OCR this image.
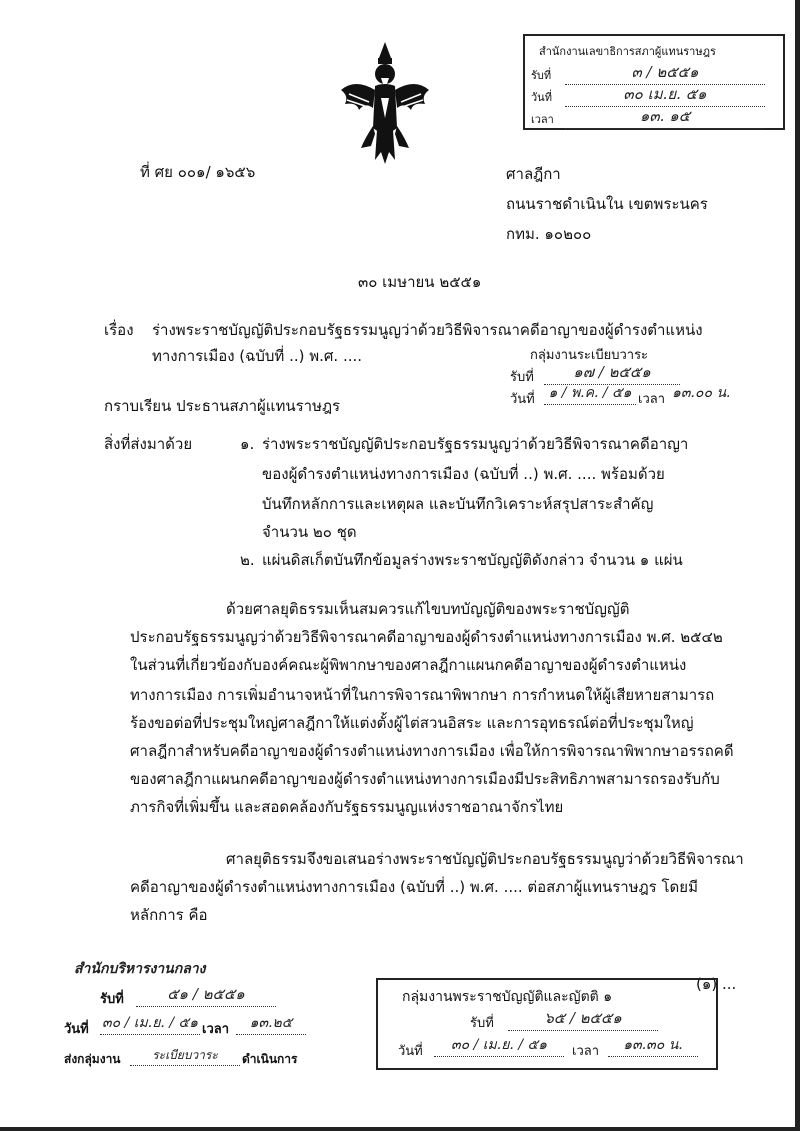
สำนักงานเลขาธิการสภาผู้แทนราษฎร
รับที่	๓ / ๒๕๕๑
วันที่	๓๐ เม.ย. ๕๑
เวลา	๑๓. ๑๕
ที่ ศย ๐๐๑/ ๑๖๕๖	ศาลฎีกา
ถนนราชดำเนินใน เขตพระนคร
กทม. ๑๐๒๐๐
๓๐ เมษายน ๒๕๕๑
เรื่อง ร่างพระราชบัญญัติประกอบรัฐธรรมนูญว่าด้วยวิธีพิจารณาคดีอาญาของผู้ดำรงตำแหน่ง
ทางการเมือง (ฉบับที่ ..) พ.ศ. ....	กลุ่มงานระเบียบวาระ
รับที่	๑๗ / ๒๕๕๑
วันที่ ๑ / พ.ค. / ๕๑ เวลา ๑๓.๐๐ น.
กราบเรียน ประธานสภาผู้แทนราษฎร
สิ่งที่ส่งมาด้วย	๑. ร่างพระราชบัญญัติประกอบรัฐธรรมนูญว่าด้วยวิธีพิจารณาคดีอาญา
ของผู้ดำรงตำแหน่งทางการเมือง (ฉบับที่ ..) พ.ศ. .... พร้อมด้วย
บันทึกหลักการและเหตุผล และบันทึกวิเคราะห์สรุปสาระสำคัญ
จำนวน ๒๐ ชุด
๒. แผ่นดิสเก็ตบันทึกข้อมูลร่างพระราชบัญญัติดังกล่าว จำนวน ๑ แผ่น
ด้วยศาลยุติธรรมเห็นสมควรแก้ไขบทบัญญัติของพระราชบัญญัติ
ประกอบรัฐธรรมนูญว่าด้วยวิธีพิจารณาคดีอาญาของผู้ดำรงตำแหน่งทางการเมือง พ.ศ. ๒๕๔๒
ในส่วนที่เกี่ยวข้องกับองค์คณะผู้พิพากษาของศาลฎีกาแผนกคดีอาญาของผู้ดำรงตำแหน่ง
ทางการเมือง การเพิ่มอำนาจหน้าที่ในการพิจารณาพิพากษา การกำหนดให้ผู้เสียหายสามารถ
ร้องขอต่อที่ประชุมใหญ่ศาลฎีกาให้แต่งตั้งผู้ไต่สวนอิสระ และการอุทธรณ์ต่อที่ประชุมใหญ่
ศาลฎีกาสำหรับคดีอาญาของผู้ดำรงตำแหน่งทางการเมือง เพื่อให้การพิจารณาพิพากษาอรรถคดี
ของศาลฎีกาแผนกคดีอาญาของผู้ดำรงตำแหน่งทางการเมืองมีประสิทธิภาพสามารถรองรับกับ
ภารกิจที่เพิ่มขึ้น และสอดคล้องกับรัฐธรรมนูญแห่งราชอาณาจักรไทย
ศาลยุติธรรมจึงขอเสนอร่างพระราชบัญญัติประกอบรัฐธรรมนูญว่าด้วยวิธีพิจารณา
คดีอาญาของผู้ดำรงตำแหน่งทางการเมือง (ฉบับที่ ..) พ.ศ. .... ต่อสภาผู้แทนราษฎร โดยมี
หลักการ คือ
(๑) ...
สำนักบริหารงานกลาง
รับที่	๕๑ / ๒๕๕๑
วันที่ ๓๐ / เม.ย. / ๕๑ เวลา	๑๓.๒๕
ส่งกลุ่มงาน	ระเบียบวาระ	ดำเนินการ
กลุ่มงานพระราชบัญญัติและญัตติ ๑
รับที่	๖๕ / ๒๕๕๑
วันที่	๓๐ / เม.ย. / ๕๑	เวลา	๑๓.๓๐ น.
